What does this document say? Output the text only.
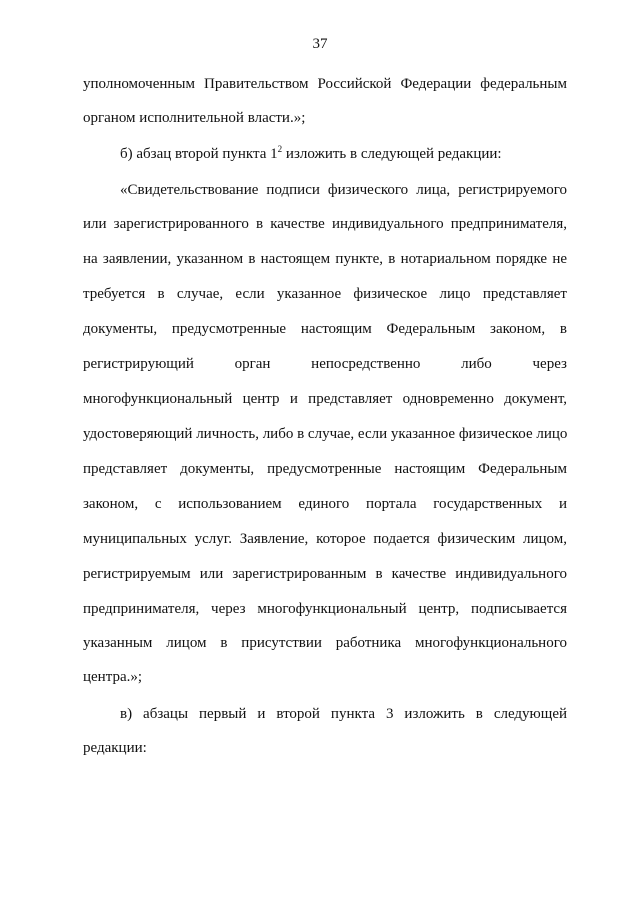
37
уполномоченным Правительством Российской Федерации федеральным
органом исполнительной власти.»;
б) абзац второй пункта $1^2$ изложить в следующей редакции:
«Свидетельствование подписи физического лица, регистрируемого
или зарегистрированного в качестве индивидуального предпринимателя,
на заявлении, указанном в настоящем пункте, в нотариальном порядке не
требуется в случае, если указанное физическое лицо представляет
документы, предусмотренные настоящим Федеральным законом, в
регистрирующий орган непосредственно либо через
многофункциональный центр и представляет одновременно документ,
удостоверяющий личность, либо в случае, если указанное физическое лицо
представляет документы, предусмотренные настоящим Федеральным
законом, с использованием единого портала государственных и
муниципальных услуг. Заявление, которое подается физическим лицом,
регистрируемым или зарегистрированным в качестве индивидуального
предпринимателя, через многофункциональный центр, подписывается
указанным лицом в присутствии работника многофункционального
центра.»;
в) абзацы первый и второй пункта 3 изложить в следующей
редакции:
